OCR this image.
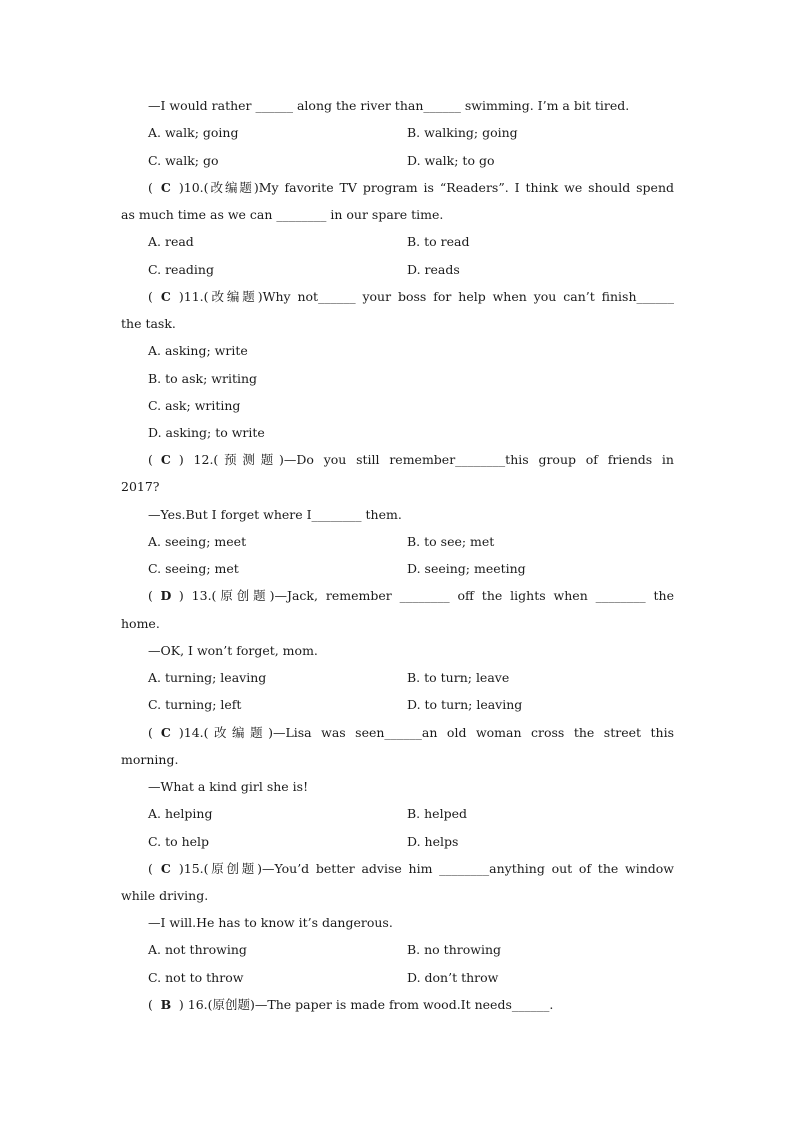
—I would rather ______ along the river than______ swimming. I’m a bit tired.
A. walk; going	B. walking; going
C. walk; go	D. walk; to go
( C )10.(改编题)My favorite TV program is “Readers”. I think we should spend
as much time as we can ________ in our spare time.
A. read	B. to read
C. reading	D. reads
( C )11.(改编题)Why not______ your boss for help when you can’t finish______
the task.
A. asking; write
B. to ask; writing
C. ask; writing
D. asking; to write
( C ) 12.(预测题)—Do you still remember________this group of friends in
2017?
—Yes.But I forget where I________ them.
A. seeing; meet	B. to see; met
C. seeing; met	D. seeing; meeting
( D ) 13.(原创题)—Jack, remember ________ off the lights when ________ the
home.
—OK, I won’t forget, mom.
A. turning; leaving	B. to turn; leave
C. turning; left	D. to turn; leaving
( C )14.(改编题)—Lisa was seen______an old woman cross the street this
morning.
—What a kind girl she is!
A. helping	B. helped
C. to help	D. helps
( C )15.(原创题)—You’d better advise him ________anything out of the window
while driving.
—I will.He has to know it’s dangerous.
A. not throwing	B. no throwing
C. not to throw	D. don’t throw
( B ) 16.(原创题)—The paper is made from wood.It needs______.
